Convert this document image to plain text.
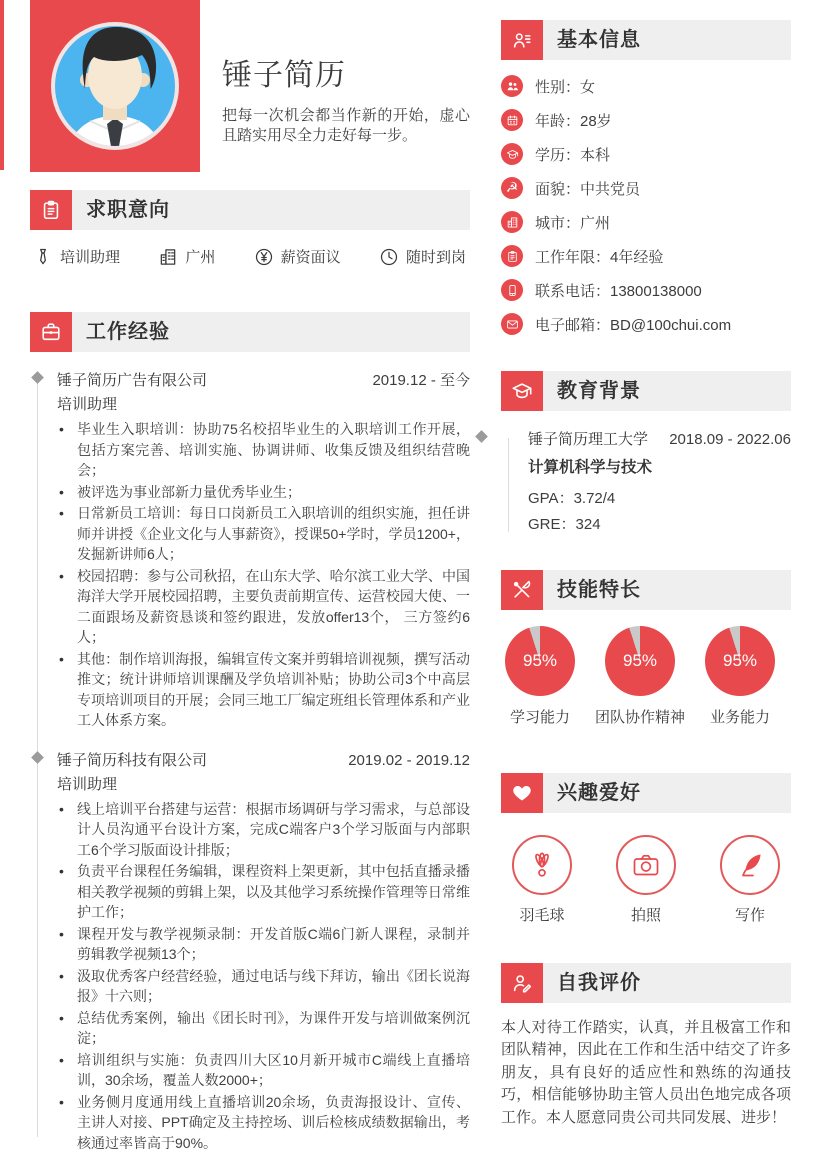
锤子简历
把每一次机会都当作新的开始，虚心且踏实用尽全力走好每一步。
求职意向
培训助理	广州	薪资面议	随时到岗
工作经验
锤子简历广告有限公司	2019.12 - 至今
培训助理
• 毕业生入职培训：协助75名校招毕业生的入职培训工作开展，包括方案完善、培训实施、协调讲师、收集反馈及组织结营晚会；
• 被评选为事业部新力量优秀毕业生；
• 日常新员工培训：每日口岗新员工入职培训的组织实施，担任讲师并讲授《企业文化与人事薪资》，授课50+学时，学员1200+，发掘新讲师6人；
• 校园招聘：参与公司秋招，在山东大学、哈尔滨工业大学、中国海洋大学开展校园招聘，主要负责前期宣传、运营校园大使、一二面跟场及薪资恳谈和签约跟进，发放offer13个， 三方签约6人；
• 其他：制作培训海报，编辑宣传文案并剪辑培训视频，撰写活动推文；统计讲师培训课酬及学负培训补贴；协助公司3个中高层专项培训项目的开展；会同三地工厂编定班组长管理体系和产业工人体系方案。
锤子简历科技有限公司	2019.02 - 2019.12
培训助理
• 线上培训平台搭建与运营：根据市场调研与学习需求，与总部设计人员沟通平台设计方案，完成C端客户3个学习版面与内部职工6个学习版面设计排版；
• 负责平台课程任务编辑，课程资料上架更新，其中包括直播录播相关教学视频的剪辑上架，以及其他学习系统操作管理等日常维护工作；
• 课程开发与教学视频录制：开发首版C端6门新人课程，录制并剪辑教学视频13个；
• 汲取优秀客户经营经验，通过电话与线下拜访，输出《团长说海报》十六则；
• 总结优秀案例，输出《团长时刊》，为课件开发与培训做案例沉淀；
• 培训组织与实施：负责四川大区10月新开城市C端线上直播培训，30余场，覆盖人数2000+；
• 业务侧月度通用线上直播培训20余场，负责海报设计、宣传、主讲人对接、PPT确定及主持控场、训后检核成绩数据输出，考核通过率皆高于90%。
基本信息
性别：女
年龄：28岁
学历：本科
☭ 面貌：中共党员
城市：广州
工作年限：4年经验
联系电话：13800138000
电子邮箱：BD@100chui.com
教育背景
锤子简历理工大学 2018.09 - 2022.06
计算机科学与技术
GPA：3.72/4
GRE：324
技能特长
95%
学习能力
95%
团队协作精神
95%
业务能力
兴趣爱好
羽毛球	拍照	写作
自我评价

本人对待工作踏实，认真，并且极富工作和团队精神，因此在工作和生活中结交了许多朋友，具有良好的适应性和熟练的沟通技巧，相信能够协助主管人员出色地完成各项工作。本人愿意同贵公司共同发展、进步！
